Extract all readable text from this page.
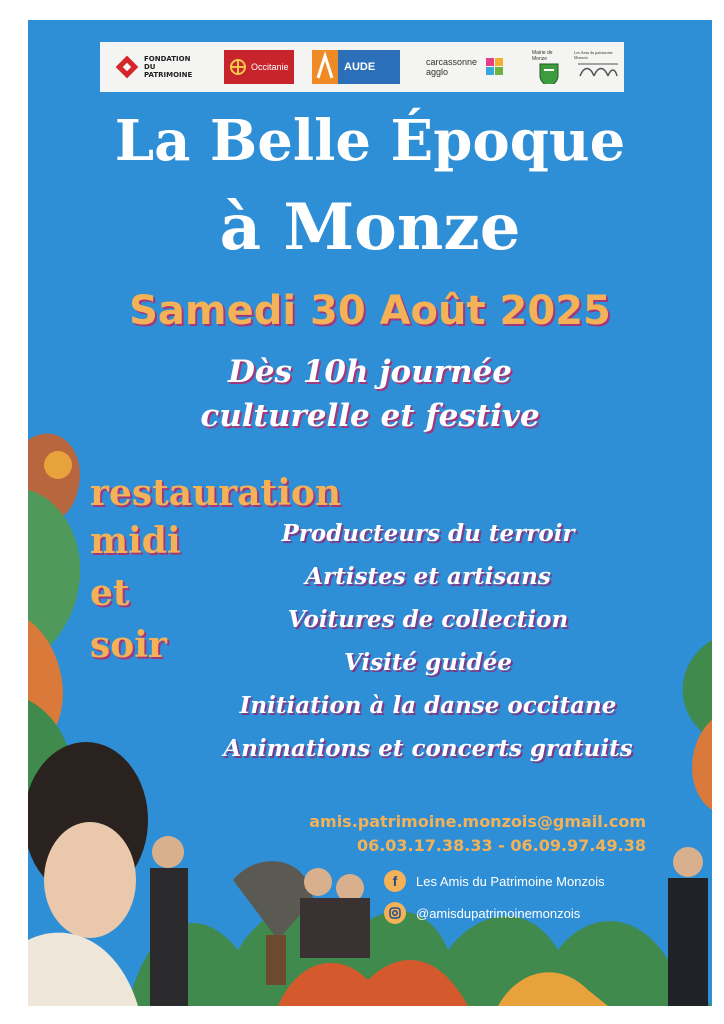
FONDATION DU PATRIMOINE
Occitanie	AUDE	carcassonne agglo
Mairie de Monze
Les Amis du patrimoine Monzois
La Belle Époque
à Monze
Samedi 30 Août 2025
Dès 10h journée
culturelle et festive
restauration
midi
et
soir
Producteurs du terroir
Artistes et artisans
Voitures de collection
Visité guidée
Initiation à la danse occitane
Animations et concerts gratuits
amis.patrimoine.monzois@gmail.com
06.03.17.38.33 - 06.09.97.49.38
f	Les Amis du Patrimoine Monzois
@amisdupatrimoinemonzois
